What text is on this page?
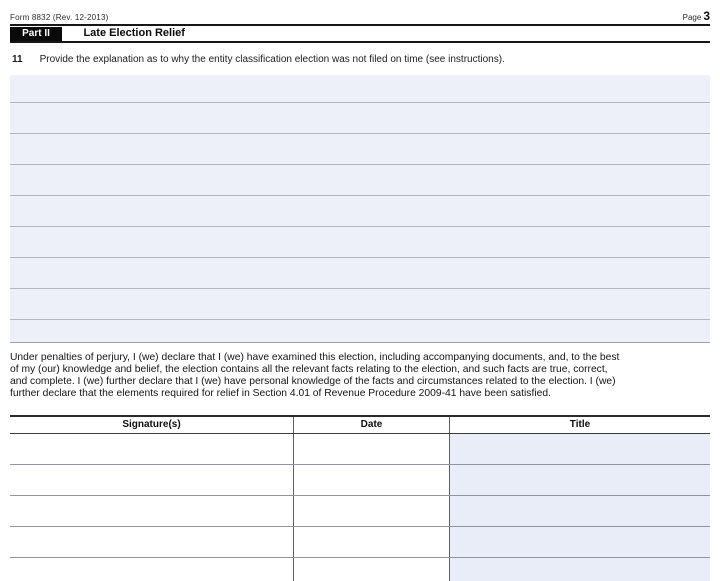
Form 8832 (Rev. 12-2013)	Page 3
Part II	Late Election Relief
11 Provide the explanation as to why the entity classification election was not filed on time (see instructions).
Under penalties of perjury, I (we) declare that I (we) have examined this election, including accompanying documents, and, to the best
of my (our) knowledge and belief, the election contains all the relevant facts relating to the election, and such facts are true, correct,
and complete. I (we) further declare that I (we) have personal knowledge of the facts and circumstances related to the election. I (we)
further declare that the elements required for relief in Section 4.01 of Revenue Procedure 2009-41 have been satisfied.
Signature(s)	Date	Title
